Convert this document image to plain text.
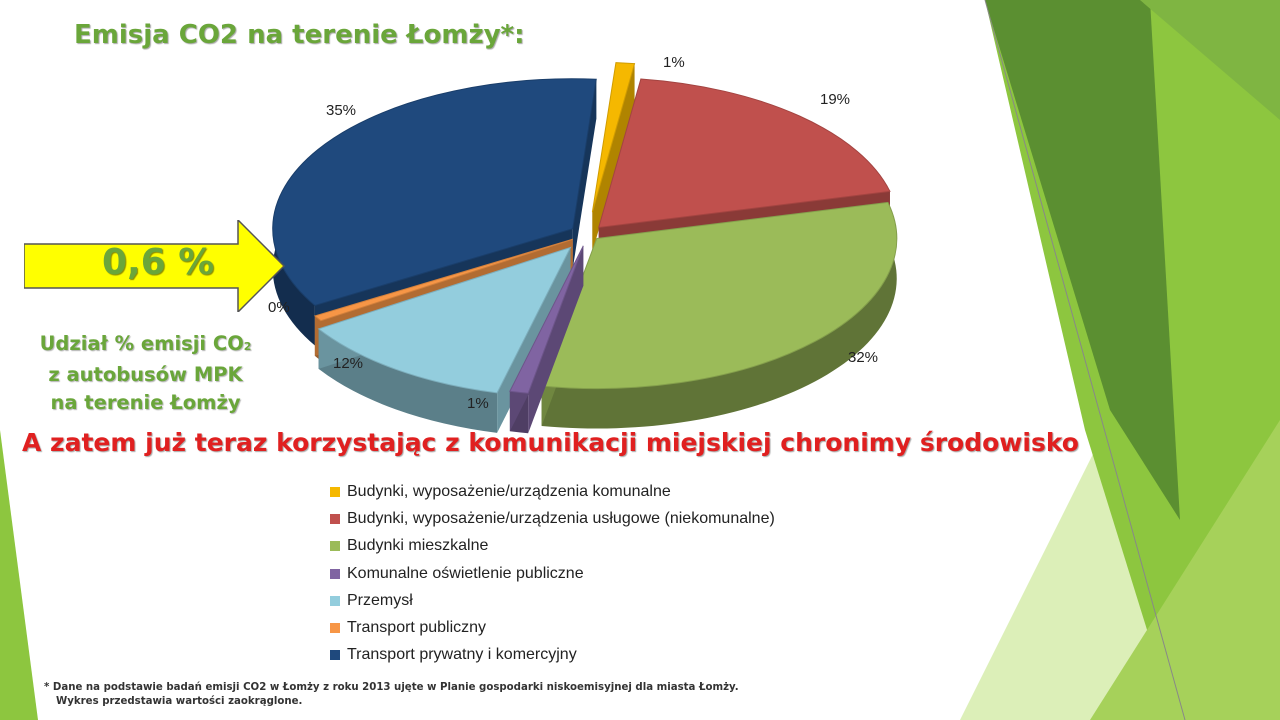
Emisja CO2 na terenie Łomży*:
1%
19%
32%
1%
12%
0%
35%
0,6 %
Udział % emisji CO2
z autobusów MPK
na terenie Łomży
A zatem już teraz korzystając z komunikacji miejskiej chronimy środowisko
Budynki, wyposażenie/urządzenia komunalne
Budynki, wyposażenie/urządzenia usługowe (niekomunalne)
Budynki mieszkalne
Komunalne oświetlenie publiczne
Przemysł
Transport publiczny
Transport prywatny i komercyjny
* Dane na podstawie badań emisji CO2 w Łomży z roku 2013 ujęte w Planie gospodarki niskoemisyjnej dla miasta Łomży.
Wykres przedstawia wartości zaokrąglone.
